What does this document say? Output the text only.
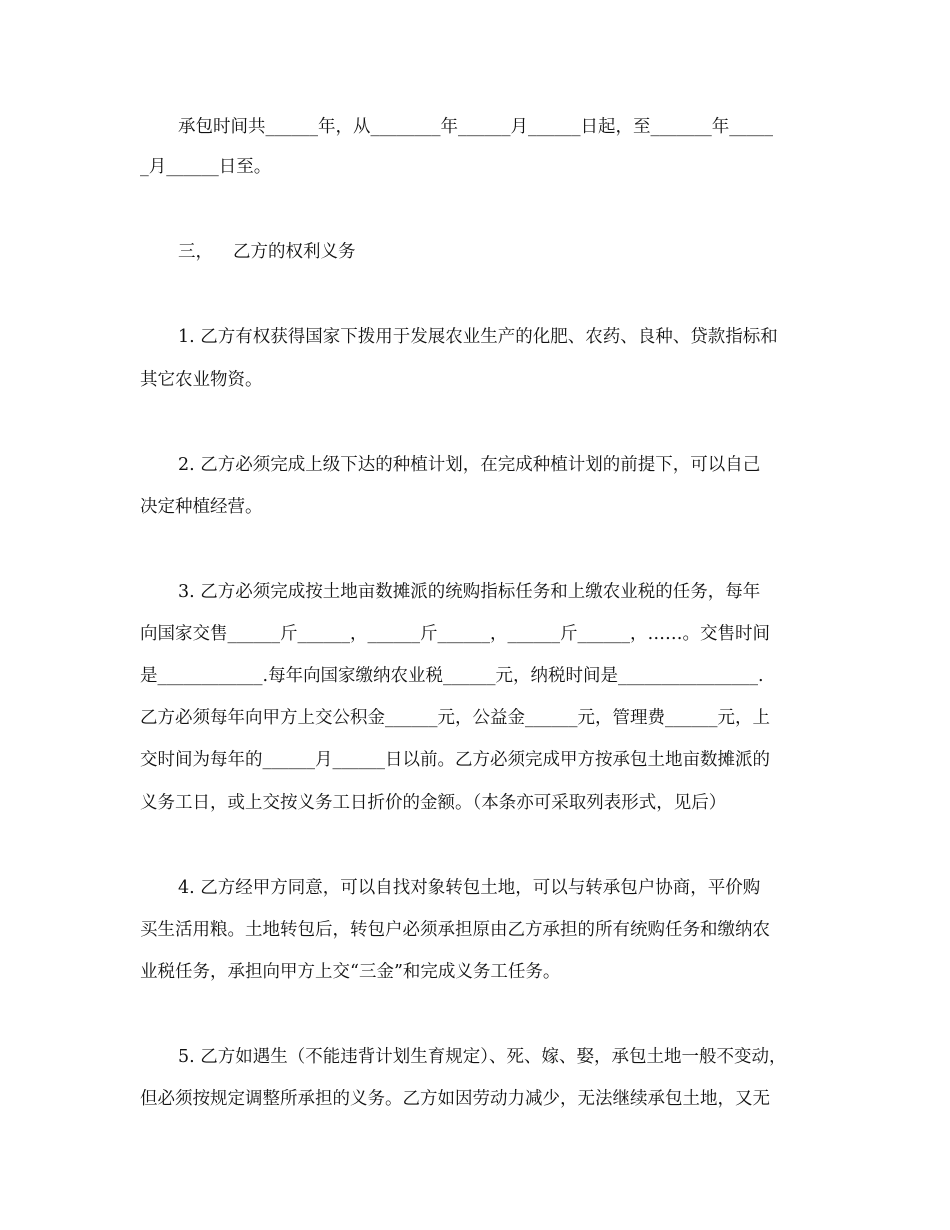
承包时间共______年，从________年______月______日起，至_______年_____
_月______日至。
三， 乙方的权利义务
1. 乙方有权获得国家下拨用于发展农业生产的化肥、农药、良种、贷款指标和
其它农业物资。
2. 乙方必须完成上级下达的种植计划，在完成种植计划的前提下，可以自己
决定种植经营。
3. 乙方必须完成按土地亩数摊派的统购指标任务和上缴农业税的任务，每年
向国家交售______斤______，______斤______，______斤______，……。交售时间
是____________.每年向国家缴纳农业税______元，纳税时间是________________.
乙方必须每年向甲方上交公积金______元，公益金______元，管理费______元，上
交时间为每年的______月______日以前。乙方必须完成甲方按承包土地亩数摊派的
义务工日，或上交按义务工日折价的金额。（本条亦可采取列表形式，见后）
4. 乙方经甲方同意，可以自找对象转包土地，可以与转承包户协商，平价购
买生活用粮。土地转包后，转包户必须承担原由乙方承担的所有统购任务和缴纳农
业税任务，承担向甲方上交“三金”和完成义务工任务。
5. 乙方如遇生（不能违背计划生育规定）、死、嫁、娶，承包土地一般不变动，
但必须按规定调整所承担的义务。乙方如因劳动力减少，无法继续承包土地，又无
